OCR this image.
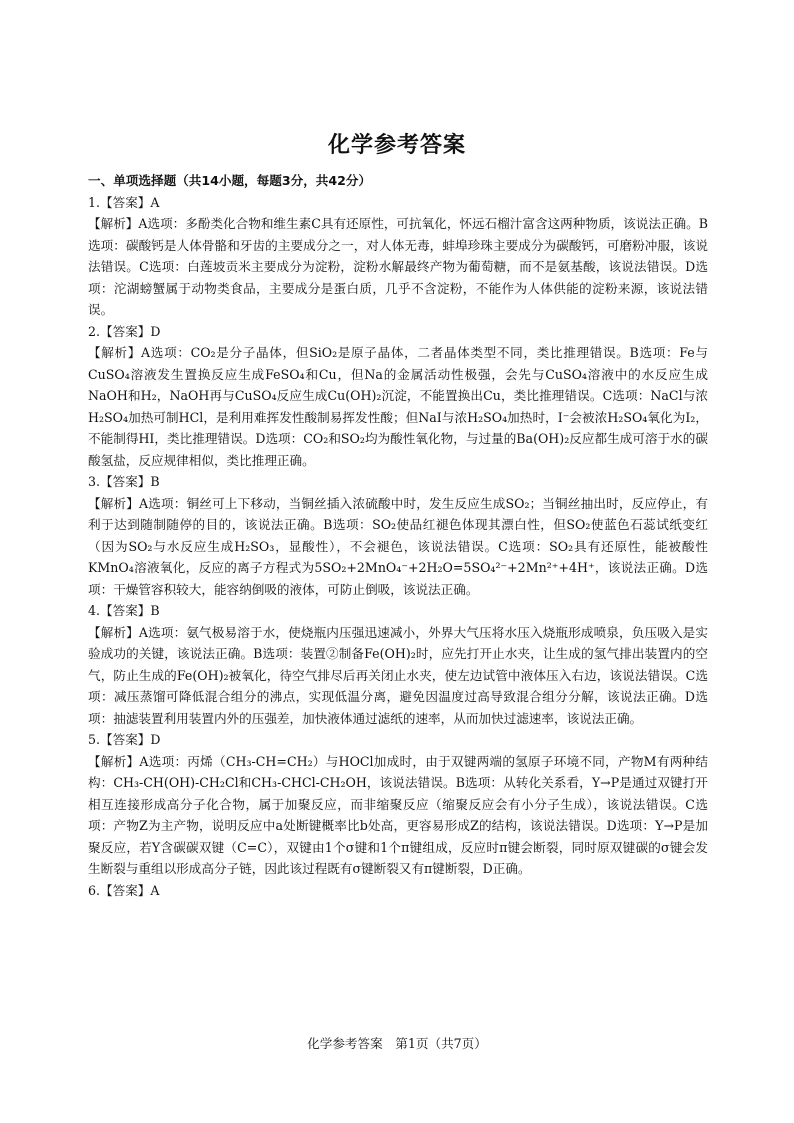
化学参考答案
一、单项选择题（共14小题，每题3分，共42分）
1.【答案】A
【解析】A选项：多酚类化合物和维生素C具有还原性，可抗氧化，怀远石榴汁富含这两种物质，该说法正确。B选项：碳酸钙是人体骨骼和牙齿的主要成分之一，对人体无毒，蚌埠珍珠主要成分为碳酸钙，可磨粉冲服，该说法错误。C选项：白莲坡贡米主要成分为淀粉，淀粉水解最终产物为葡萄糖，而不是氨基酸，该说法错误。D选项：沱湖螃蟹属于动物类食品，主要成分是蛋白质，几乎不含淀粉，不能作为人体供能的淀粉来源，该说法错误。
2.【答案】D
【解析】A选项：CO₂是分子晶体，但SiO₂是原子晶体，二者晶体类型不同，类比推理错误。B选项：Fe与CuSO₄溶液发生置换反应生成FeSO₄和Cu，但Na的金属活动性极强，会先与CuSO₄溶液中的水反应生成NaOH和H₂，NaOH再与CuSO₄反应生成Cu(OH)₂沉淀，不能置换出Cu，类比推理错误。C选项：NaCl与浓H₂SO₄加热可制HCl，是利用难挥发性酸制易挥发性酸；但NaI与浓H₂SO₄加热时，I⁻会被浓H₂SO₄氧化为I₂，不能制得HI，类比推理错误。D选项：CO₂和SO₂均为酸性氧化物，与过量的Ba(OH)₂反应都生成可溶于水的碳酸氢盐，反应规律相似，类比推理正确。
3.【答案】B
【解析】A选项：铜丝可上下移动，当铜丝插入浓硫酸中时，发生反应生成SO₂；当铜丝抽出时，反应停止，有利于达到随制随停的目的，该说法正确。B选项：SO₂使品红褪色体现其漂白性，但SO₂使蓝色石蕊试纸变红（因为SO₂与水反应生成H₂SO₃，显酸性），不会褪色，该说法错误。C选项：SO₂具有还原性，能被酸性KMnO₄溶液氧化，反应的离子方程式为5SO₂+2MnO₄⁻+2H₂O=5SO₄²⁻+2Mn²⁺+4H⁺，该说法正确。D选项：干燥管容积较大，能容纳倒吸的液体，可防止倒吸，该说法正确。
4.【答案】B
【解析】A选项：氨气极易溶于水，使烧瓶内压强迅速减小，外界大气压将水压入烧瓶形成喷泉，负压吸入是实验成功的关键，该说法正确。B选项：装置②制备Fe(OH)₂时，应先打开止水夹，让生成的氢气排出装置内的空气，防止生成的Fe(OH)₂被氧化，待空气排尽后再关闭止水夹，使左边试管中液体压入右边，该说法错误。C选项：减压蒸馏可降低混合组分的沸点，实现低温分离，避免因温度过高导致混合组分分解，该说法正确。D选项：抽滤装置利用装置内外的压强差，加快液体通过滤纸的速率，从而加快过滤速率，该说法正确。
5.【答案】D
【解析】A选项：丙烯（CH₃-CH=CH₂）与HOCl加成时，由于双键两端的氢原子环境不同，产物M有两种结构：CH₃-CH(OH)-CH₂Cl和CH₃-CHCl-CH₂OH，该说法错误。B选项：从转化关系看，Y→P是通过双键打开相互连接形成高分子化合物，属于加聚反应，而非缩聚反应（缩聚反应会有小分子生成），该说法错误。C选项：产物Z为主产物，说明反应中a处断键概率比b处高，更容易形成Z的结构，该说法错误。D选项：Y→P是加聚反应，若Y含碳碳双键（C=C），双键由1个σ键和1个π键组成，反应时π键会断裂，同时原双键碳的σ键会发生断裂与重组以形成高分子链，因此该过程既有σ键断裂又有π键断裂，D正确。
6.【答案】A
化学参考答案　第1页（共7页）
